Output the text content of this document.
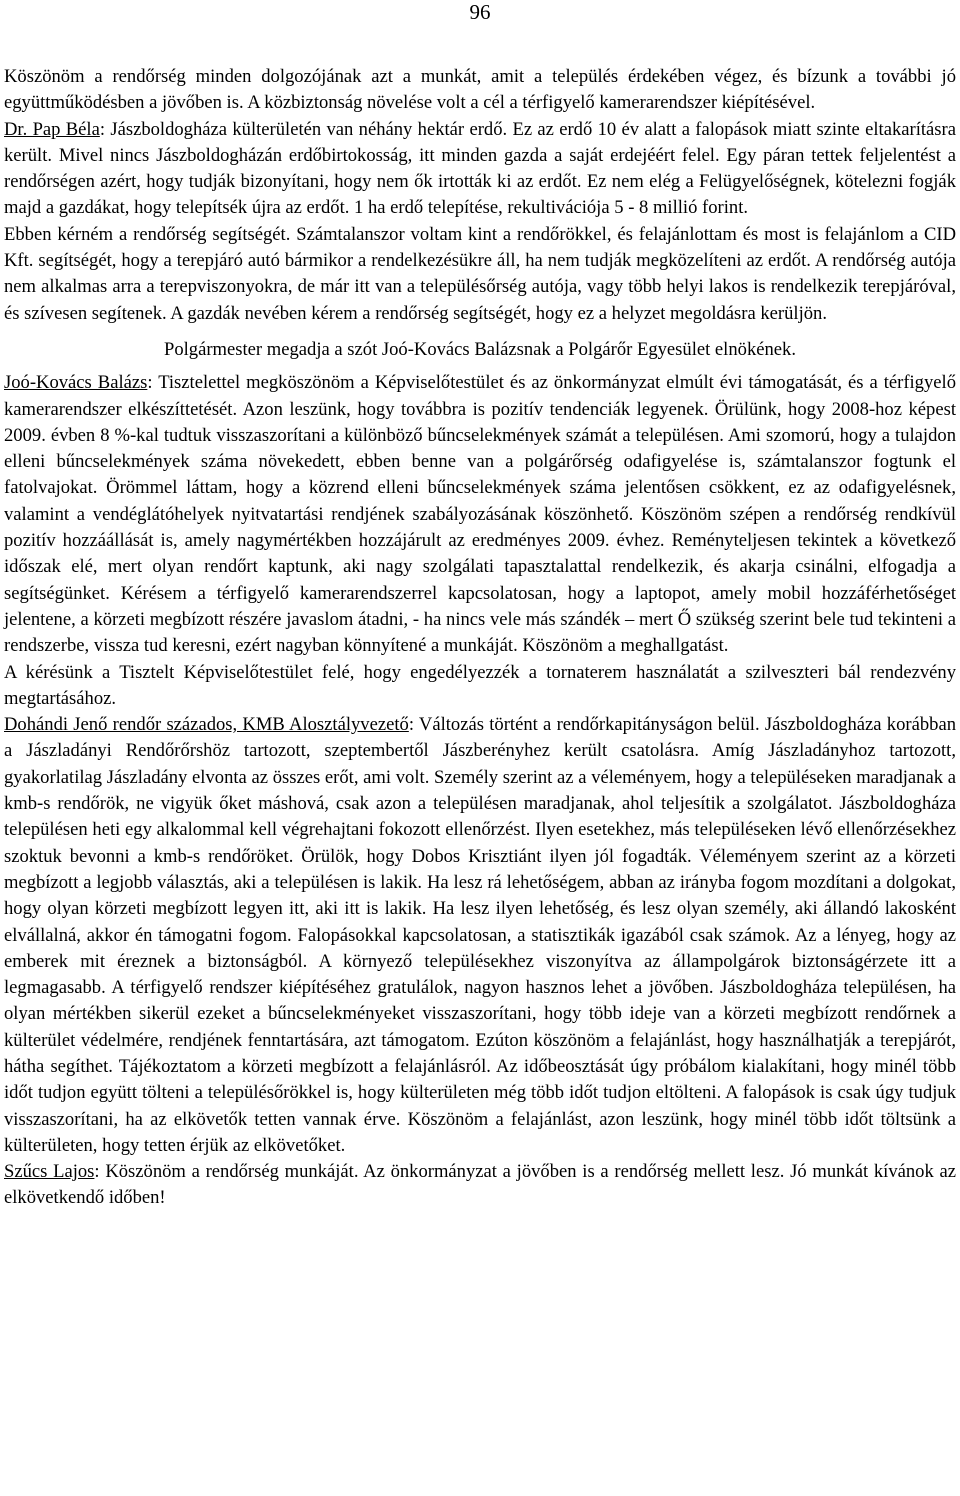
96

Köszönöm a rendőrség minden dolgozójának azt a munkát, amit a település érdekében végez, és bízunk a további jó együttműködésben a jövőben is. A közbiztonság növelése volt a cél a térfigyelő kamerarendszer kiépítésével.

Dr. Pap Béla: Jászboldogháza külterületén van néhány hektár erdő. Ez az erdő 10 év alatt a falopások miatt szinte eltakarításra került. Mivel nincs Jászboldogházán erdőbirtokosság, itt minden gazda a saját erdejéért felel. Egy páran tettek feljelentést a rendőrségen azért, hogy tudják bizonyítani, hogy nem ők irtották ki az erdőt. Ez nem elég a Felügyelőségnek, kötelezni fogják majd a gazdákat, hogy telepítsék újra az erdőt. 1 ha erdő telepítése, rekultivációja 5 - 8 millió forint.

Ebben kérném a rendőrség segítségét. Számtalanszor voltam kint a rendőrökkel, és felajánlottam és most is felajánlom a CID Kft. segítségét, hogy a terepjáró autó bármikor a rendelkezésükre áll, ha nem tudják megközelíteni az erdőt. A rendőrség autója nem alkalmas arra a terepviszonyokra, de már itt van a településőrség autója, vagy több helyi lakos is rendelkezik terepjáróval, és szívesen segítenek. A gazdák nevében kérem a rendőrség segítségét, hogy ez a helyzet megoldásra kerüljön.

Polgármester megadja a szót Joó-Kovács Balázsnak a Polgárőr Egyesület elnökének.

Joó-Kovács Balázs: Tisztelettel megköszönöm a Képviselőtestület és az önkormányzat elmúlt évi támogatását, és a térfigyelő kamerarendszer elkészíttetését. Azon leszünk, hogy továbbra is pozitív tendenciák legyenek. Örülünk, hogy 2008-hoz képest 2009. évben 8 %-kal tudtuk visszaszorítani a különböző bűncselekmények számát a településen. Ami szomorú, hogy a tulajdon elleni bűncselekmények száma növekedett, ebben benne van a polgárőrség odafigyelése is, számtalanszor fogtunk el fatolvajokat. Örömmel láttam, hogy a közrend elleni bűncselekmények száma jelentősen csökkent, ez az odafigyelésnek, valamint a vendéglátóhelyek nyitvatartási rendjének szabályozásának köszönhető. Köszönöm szépen a rendőrség rendkívül pozitív hozzáállását is, amely nagymértékben hozzájárult az eredményes 2009. évhez. Reményteljesen tekintek a következő időszak elé, mert olyan rendőrt kaptunk, aki nagy szolgálati tapasztalattal rendelkezik, és akarja csinálni, elfogadja a segítségünket. Kérésem a térfigyelő kamerarendszerrel kapcsolatosan, hogy a laptopot, amely mobil hozzáférhetőséget jelentene, a körzeti megbízott részére javaslom átadni, - ha nincs vele más szándék – mert Ő szükség szerint bele tud tekinteni a rendszerbe, vissza tud keresni, ezért nagyban könnyítené a munkáját. Köszönöm a meghallgatást.

A kérésünk a Tisztelt Képviselőtestület felé, hogy engedélyezzék a tornaterem használatát a szilveszteri bál rendezvény megtartásához.

Dohándi Jenő rendőr százados, KMB Alosztályvezető: Változás történt a rendőrkapitányságon belül. Jászboldogháza korábban a Jászladányi Rendőrőrshöz tartozott, szeptembertől Jászberényhez került csatolásra. Amíg Jászladányhoz tartozott, gyakorlatilag Jászladány elvonta az összes erőt, ami volt. Személy szerint az a véleményem, hogy a településeken maradjanak a kmb-s rendőrök, ne vigyük őket máshová, csak azon a településen maradjanak, ahol teljesítik a szolgálatot. Jászboldogháza településen heti egy alkalommal kell végrehajtani fokozott ellenőrzést. Ilyen esetekhez, más településeken lévő ellenőrzésekhez szoktuk bevonni a kmb-s rendőröket. Örülök, hogy Dobos Krisztiánt ilyen jól fogadták. Véleményem szerint az a körzeti megbízott a legjobb választás, aki a településen is lakik. Ha lesz rá lehetőségem, abban az irányba fogom mozdítani a dolgokat, hogy olyan körzeti megbízott legyen itt, aki itt is lakik. Ha lesz ilyen lehetőség, és lesz olyan személy, aki állandó lakosként elvállalná, akkor én támogatni fogom. Falopásokkal kapcsolatosan, a statisztikák igazából csak számok. Az a lényeg, hogy az emberek mit éreznek a biztonságból. A környező településekhez viszonyítva az állampolgárok biztonságérzete itt a legmagasabb. A térfigyelő rendszer kiépítéséhez gratulálok, nagyon hasznos lehet a jövőben. Jászboldogháza településen, ha olyan mértékben sikerül ezeket a bűncselekményeket visszaszorítani, hogy több ideje van a körzeti megbízott rendőrnek a külterület védelmére, rendjének fenntartására, azt támogatom. Ezúton köszönöm a felajánlást, hogy használhatják a terepjárót, hátha segíthet. Tájékoztatom a körzeti megbízott a felajánlásról. Az időbeosztását úgy próbálom kialakítani, hogy minél több időt tudjon együtt tölteni a településőrökkel is, hogy külterületen még több időt tudjon eltölteni. A falopások is csak úgy tudjuk visszaszorítani, ha az elkövetők tetten vannak érve. Köszönöm a felajánlást, azon leszünk, hogy minél több időt töltsünk a külterületen, hogy tetten érjük az elkövetőket.

Szűcs Lajos: Köszönöm a rendőrség munkáját. Az önkormányzat a jövőben is a rendőrség mellett lesz. Jó munkát kívánok az elkövetkendő időben!
